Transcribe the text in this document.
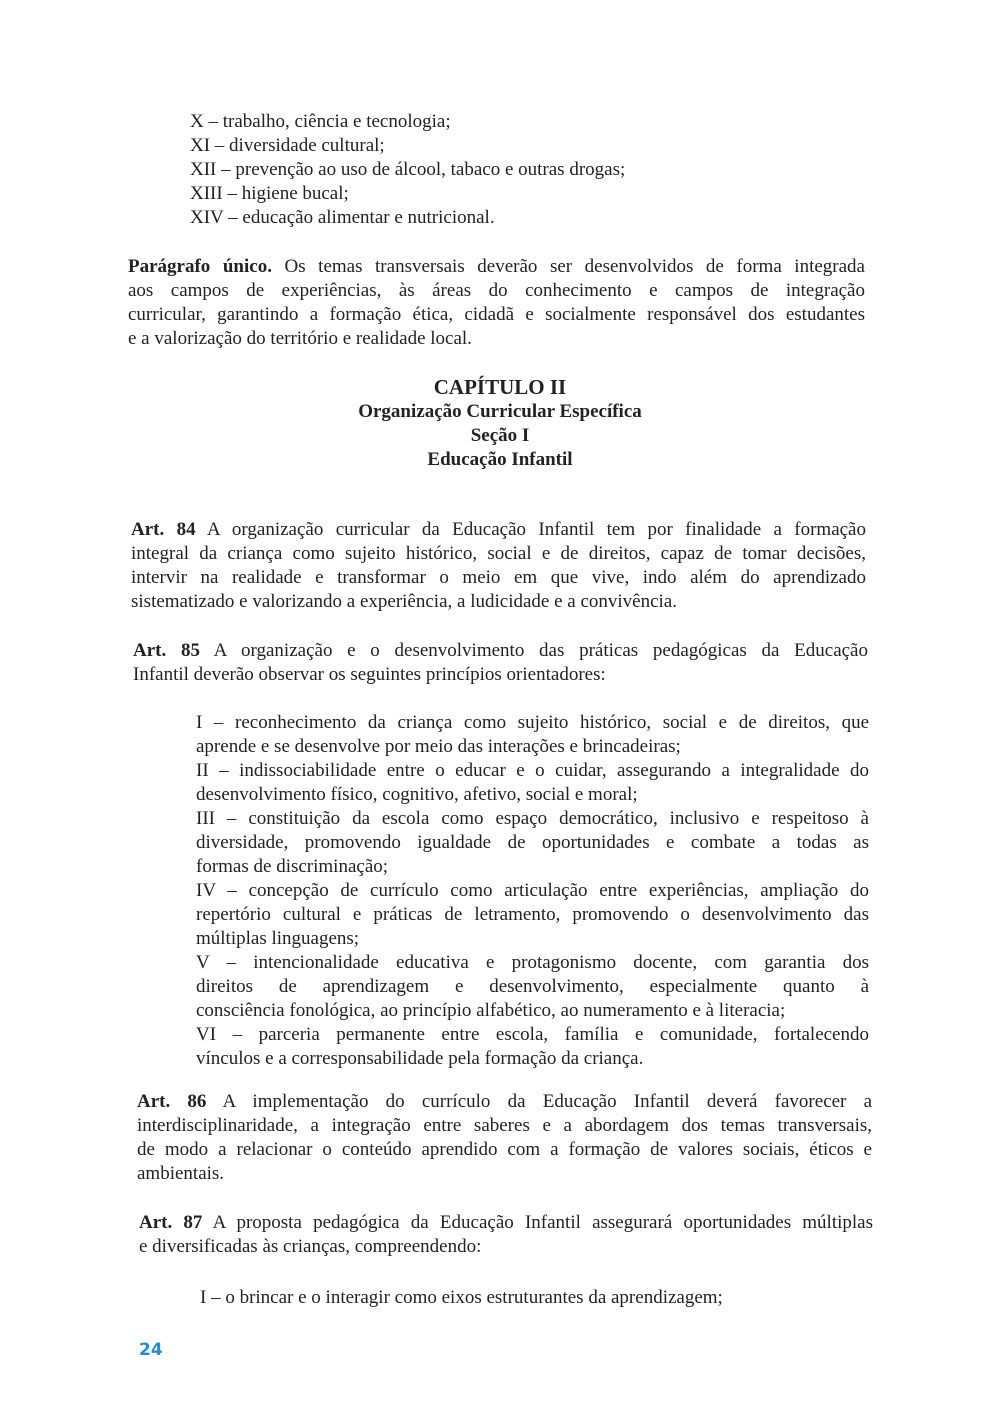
X – trabalho, ciência e tecnologia;
XI – diversidade cultural;
XII – prevenção ao uso de álcool, tabaco e outras drogas;
XIII – higiene bucal;
XIV – educação alimentar e nutricional.
Parágrafo único. Os temas transversais deverão ser desenvolvidos de forma integrada
aos campos de experiências, às áreas do conhecimento e campos de integração
curricular, garantindo a formação ética, cidadã e socialmente responsável dos estudantes
e a valorização do território e realidade local.
CAPÍTULO II
Organização Curricular Específica
Seção I
Educação Infantil
Art. 84 A organização curricular da Educação Infantil tem por finalidade a formação
integral da criança como sujeito histórico, social e de direitos, capaz de tomar decisões,
intervir na realidade e transformar o meio em que vive, indo além do aprendizado
sistematizado e valorizando a experiência, a ludicidade e a convivência.
Art. 85 A organização e o desenvolvimento das práticas pedagógicas da Educação
Infantil deverão observar os seguintes princípios orientadores:
I – reconhecimento da criança como sujeito histórico, social e de direitos, que
aprende e se desenvolve por meio das interações e brincadeiras;
II – indissociabilidade entre o educar e o cuidar, assegurando a integralidade do
desenvolvimento físico, cognitivo, afetivo, social e moral;
III – constituição da escola como espaço democrático, inclusivo e respeitoso à
diversidade, promovendo igualdade de oportunidades e combate a todas as
formas de discriminação;
IV – concepção de currículo como articulação entre experiências, ampliação do
repertório cultural e práticas de letramento, promovendo o desenvolvimento das
múltiplas linguagens;
V – intencionalidade educativa e protagonismo docente, com garantia dos
direitos de aprendizagem e desenvolvimento, especialmente quanto à
consciência fonológica, ao princípio alfabético, ao numeramento e à literacia;
VI – parceria permanente entre escola, família e comunidade, fortalecendo
vínculos e a corresponsabilidade pela formação da criança.
Art. 86 A implementação do currículo da Educação Infantil deverá favorecer a
interdisciplinaridade, a integração entre saberes e a abordagem dos temas transversais,
de modo a relacionar o conteúdo aprendido com a formação de valores sociais, éticos e
ambientais.
Art. 87 A proposta pedagógica da Educação Infantil assegurará oportunidades múltiplas
e diversificadas às crianças, compreendendo:
I – o brincar e o interagir como eixos estruturantes da aprendizagem;
24
